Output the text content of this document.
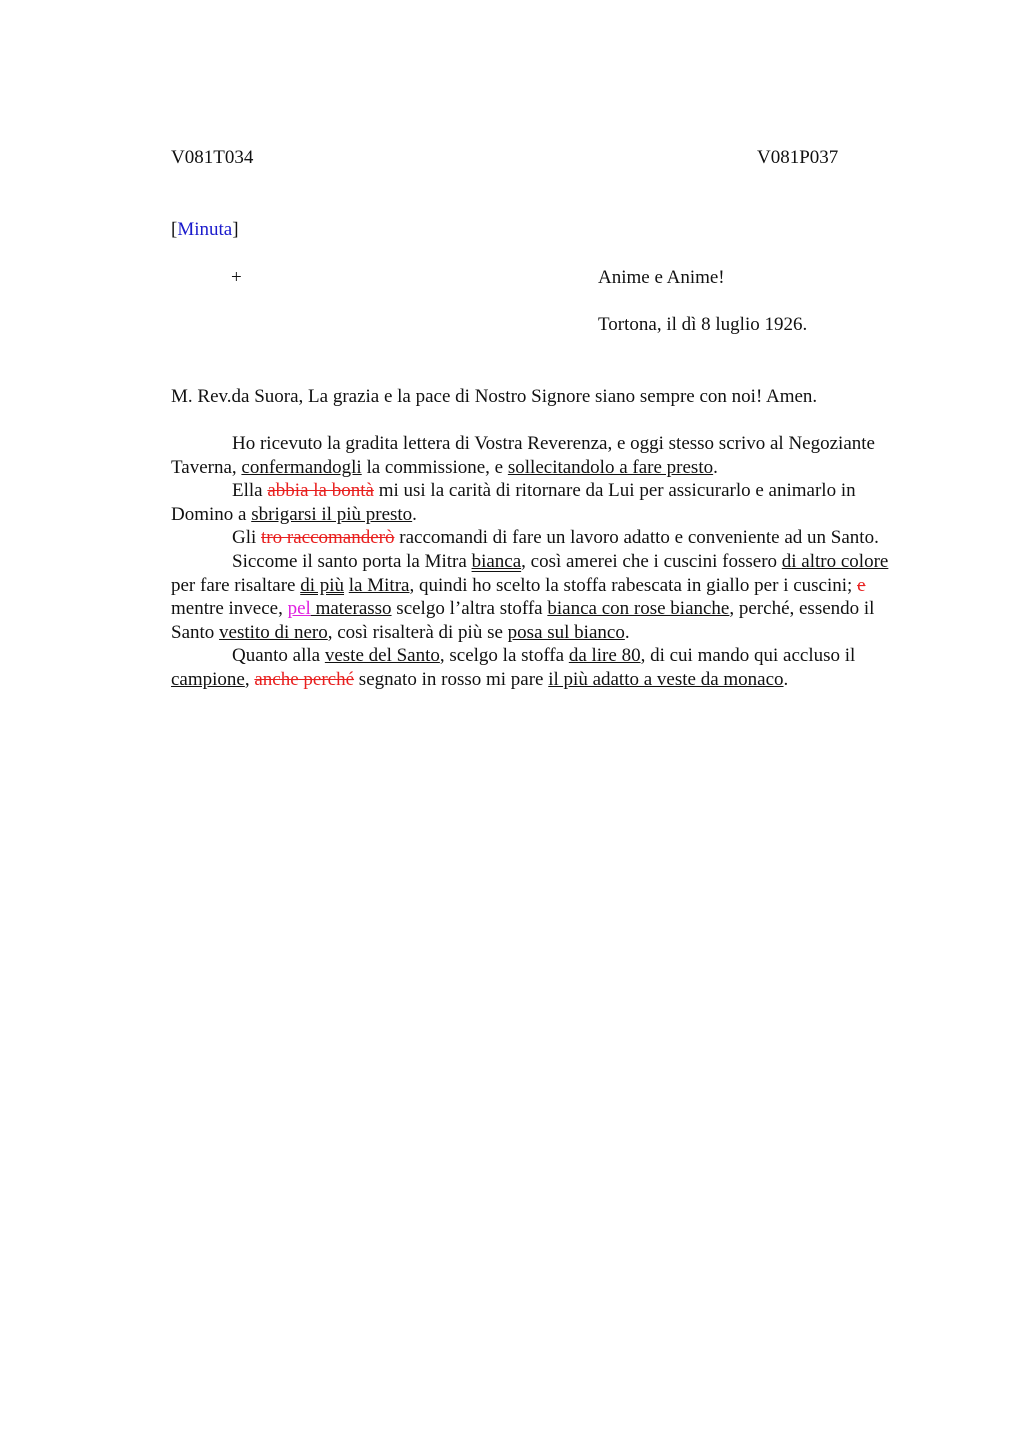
V081T034	V081P037
[Minuta]
+	Anime e Anime!
Tortona, il dì 8 luglio 1926.
M. Rev.da Suora, La grazia e la pace di Nostro Signore siano sempre con noi! Amen.

Ho ricevuto la gradita lettera di Vostra Reverenza, e oggi stesso scrivo al Negoziante Taverna, confermandogli la commissione, e sollecitandolo a fare presto.

Ella abbia la bontà mi usi la carità di ritornare da Lui per assicurarlo e animarlo in Domino a sbrigarsi il più presto.

Gli tro raccomanderò raccomandi di fare un lavoro adatto e conveniente ad un Santo.

Siccome il santo porta la Mitra bianca, così amerei che i cuscini fossero di altro colore per fare risaltare di più la Mitra, quindi ho scelto la stoffa rabescata in giallo per i cuscini; e mentre invece, pel materasso scelgo l’altra stoffa bianca con rose bianche, perché, essendo il Santo vestito di nero, così risalterà di più se posa sul bianco.

Quanto alla veste del Santo, scelgo la stoffa da lire 80, di cui mando qui accluso il campione, anche perché segnato in rosso mi pare il più adatto a veste da monaco.
